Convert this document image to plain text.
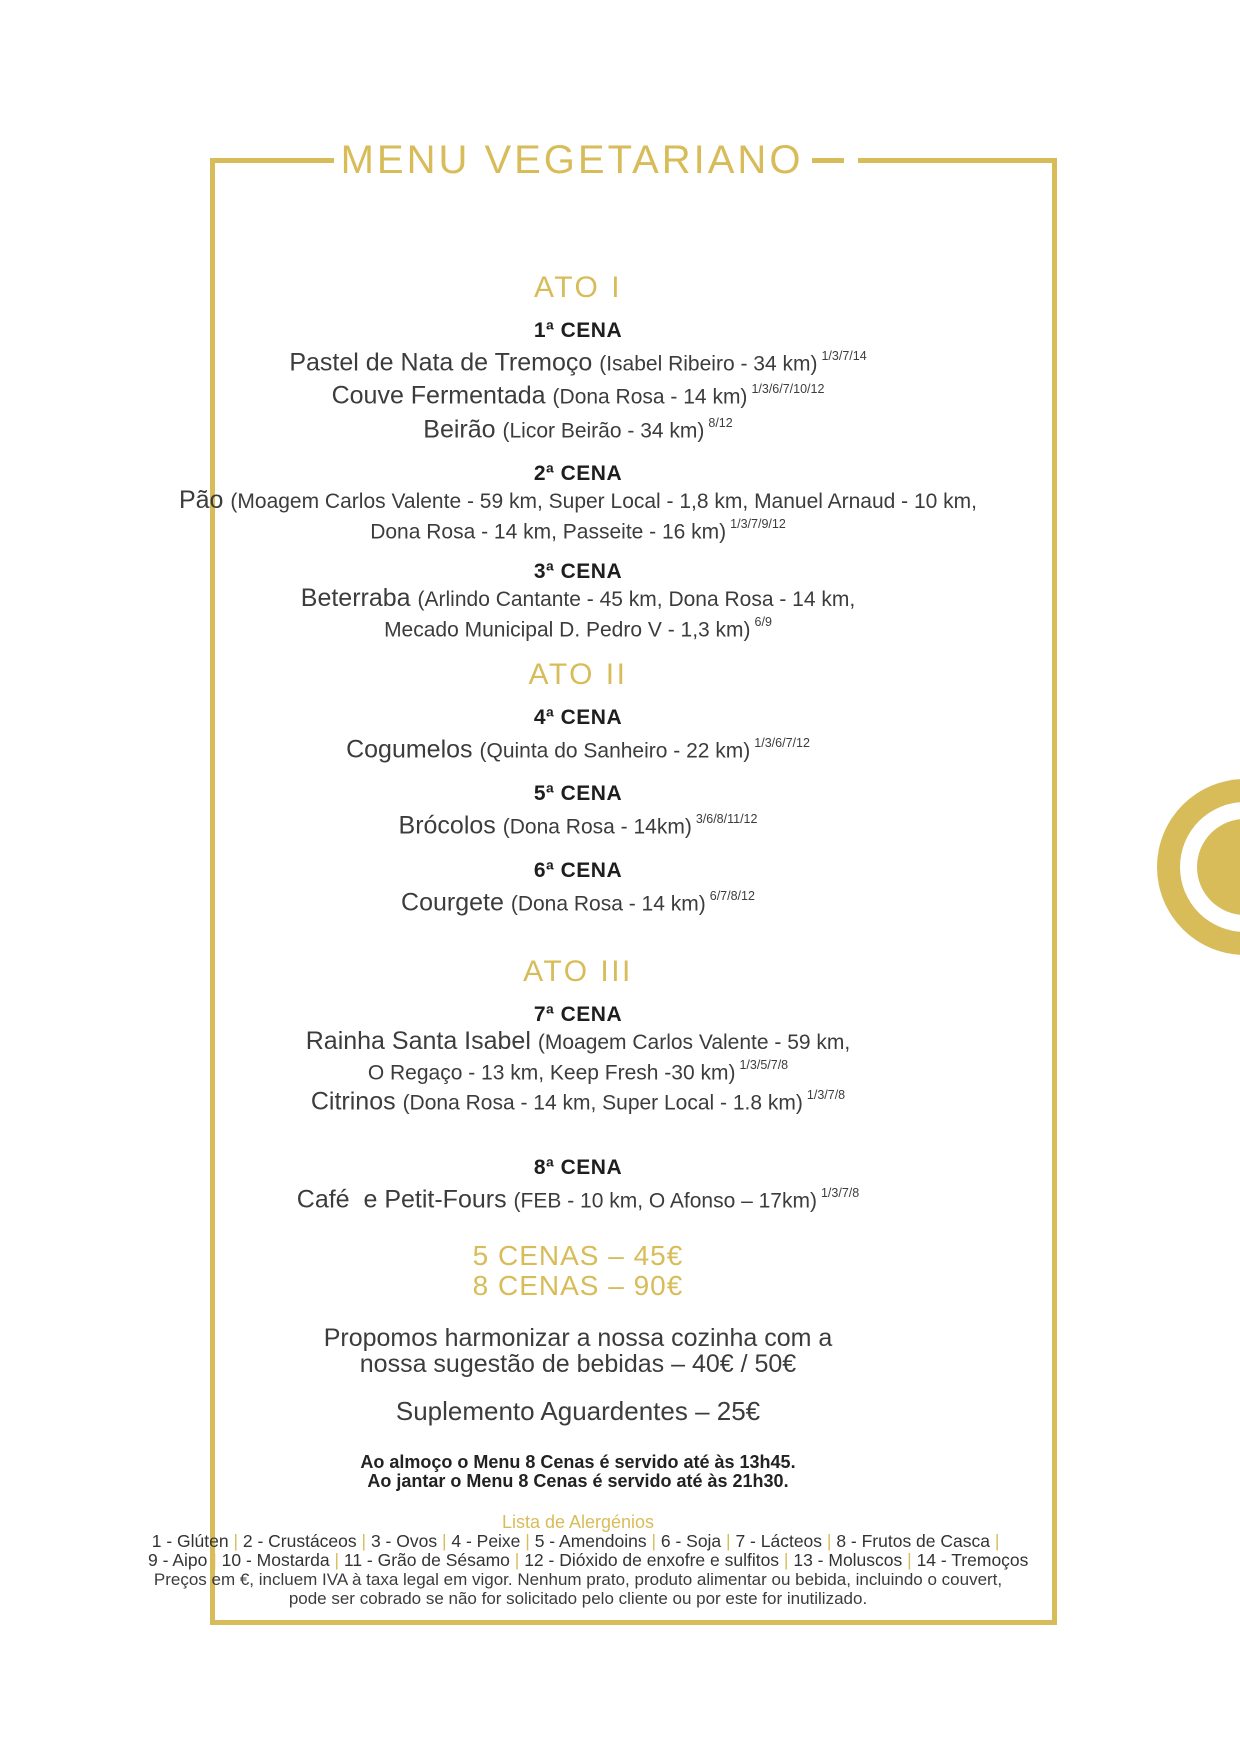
MENU VEGETARIANO
ATO I
1ª CENA
Pastel de Nata de Tremoço (Isabel Ribeiro - 34 km) $^{1/3/7/14}$
Couve Fermentada (Dona Rosa - 14 km) $^{1/3/6/7/10/12}$
Beirão (Licor Beirão - 34 km) $^{8/12}$
2ª CENA
Pão (Moagem Carlos Valente - 59 km, Super Local - 1,8 km, Manuel Arnaud - 10 km,
Dona Rosa - 14 km, Passeite - 16 km) $^{1/3/7/9/12}$
3ª CENA
Beterraba (Arlindo Cantante - 45 km, Dona Rosa - 14 km,
Mecado Municipal D. Pedro V - 1,3 km) $^{6/9}$
ATO II
4ª CENA
Cogumelos (Quinta do Sanheiro - 22 km) $^{1/3/6/7/12}$
5ª CENA
Brócolos (Dona Rosa - 14km) $^{3/6/8/11/12}$
6ª CENA
Courgete (Dona Rosa - 14 km) $^{6/7/8/12}$
ATO III
7ª CENA
Rainha Santa Isabel (Moagem Carlos Valente - 59 km,
O Regaço - 13 km, Keep Fresh -30 km) $^{1/3/5/7/8}$
Citrinos (Dona Rosa - 14 km, Super Local - 1.8 km) $^{1/3/7/8}$
8ª CENA
Café  e Petit-Fours (FEB - 10 km, O Afonso – 17km) $^{1/3/7/8}$
5 CENAS – 45€
8 CENAS – 90€
Propomos harmonizar a nossa cozinha com a
nossa sugestão de bebidas – 40€ / 50€
Suplemento Aguardentes – 25€
Ao almoço o Menu 8 Cenas é servido até às 13h45.
Ao jantar o Menu 8 Cenas é servido até às 21h30.
Lista de Alergénios
1 - Glúten | 2 - Crustáceos | 3 - Ovos | 4 - Peixe | 5 - Amendoins | 6 - Soja | 7 - Lácteos | 8 - Frutos de Casca |
9 - Aipo | 10 - Mostarda | 11 - Grão de Sésamo | 12 - Dióxido de enxofre e sulfitos | 13 - Moluscos | 14 - Tremoços
Preços em €, incluem IVA à taxa legal em vigor. Nenhum prato, produto alimentar ou bebida, incluindo o couvert,
pode ser cobrado se não for solicitado pelo cliente ou por este for inutilizado.
